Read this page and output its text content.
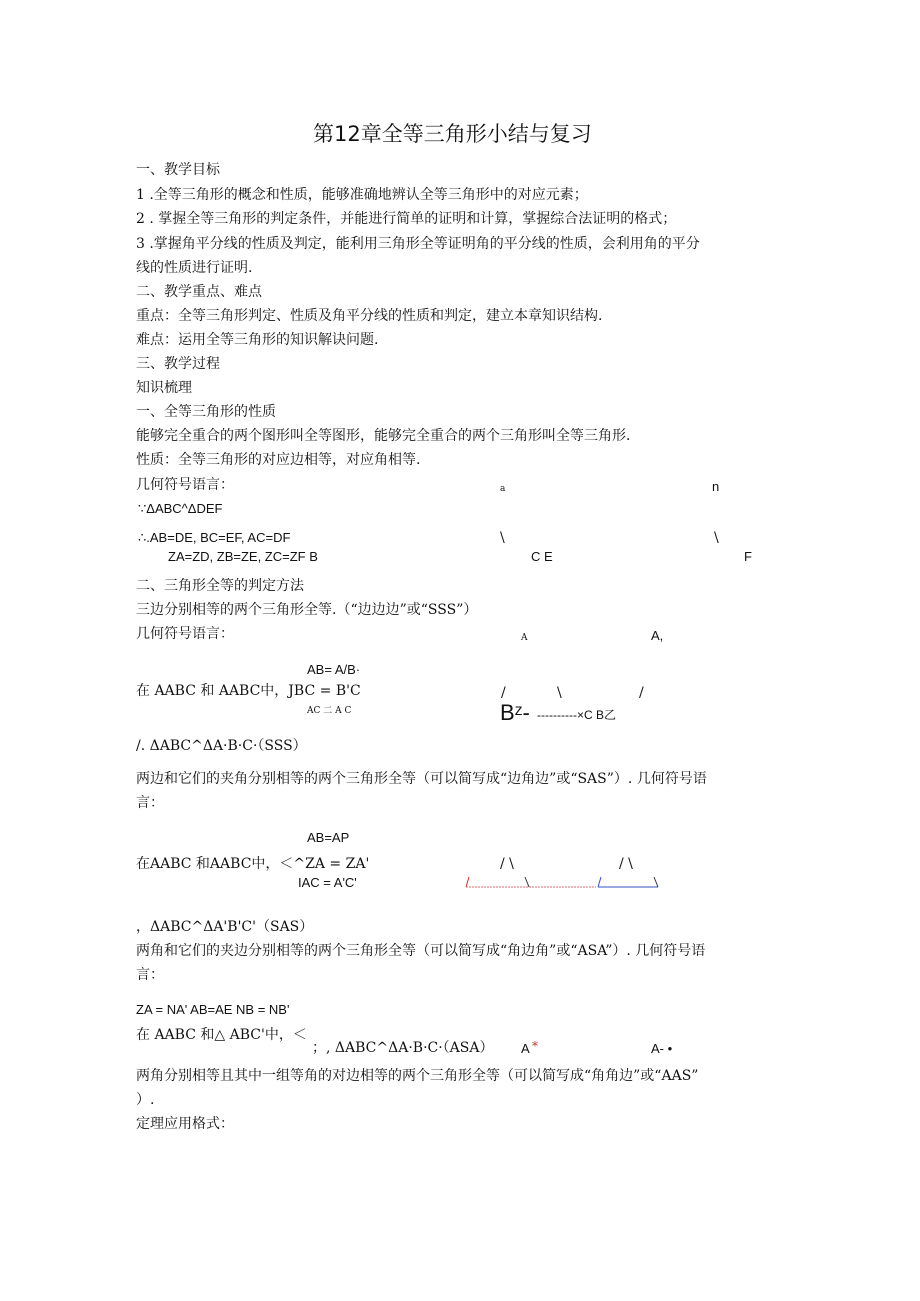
第12章全等三角形小结与复习
一、教学目标
1 .全等三角形的概念和性质，能够准确地辨认全等三角形中的对应元素；
2 . 掌握全等三角形的判定条件，并能进行简单的证明和计算，掌握综合法证明的格式；
3 .掌握角平分线的性质及判定，能利用三角形全等证明角的平分线的性质，会利用角的平分
线的性质进行证明.
二、教学重点、难点
重点：全等三角形判定、性质及角平分线的性质和判定，建立本章知识结构.
难点：运用全等三角形的知识解诀问题.
三、教学过程
知识梳理
一、全等三角形的性质
能够完全重合的两个图形叫全等图形，能够完全重合的两个三角形叫全等三角形.
性质：全等三角形的对应边相等，对应角相等.
几何符号语言：
∵ΔABC^ΔDEF
∴.AB=DE, BC=EF, AC=DF
ZA=ZD, ZB=ZE, ZC=ZF B
a	n
\	\
C E	F
二、三角形全等的判定方法
三边分别相等的两个三角形全等.（“边边边”或“SSS”）
几何符号语言：	A	A,
AB= A/B·
在 AABC 和 AABC中，JBC = B'C
AC 二 A C
/	\	/
Bᶻ- ----------×C B乙
/. ΔABC^ΔA·B·C·（SSS）
两边和它们的夹角分别相等的两个三角形全等（可以简写成“边角边”或“SAS”）. 几何符号语
言：
AB=AP
在AABC 和AABC中，＜^ZA = ZA'
IAC = A'C'
/ \	/ \
，ΔABC^ΔA'B'C'（SAS）
两角和它们的夹边分别相等的两个三角形全等（可以简写成“角边角”或“ASA”）. 几何符号语
言：
ZA = NA' AB=AE NB = NB'
在 AABC 和△ ABC'中，＜
；, ΔABC^ΔA·B·C·（ASA） A *	A- •
两角分别相等且其中一组等角的对边相等的两个三角形全等（可以简写成“角角边”或“AAS”
）.
定理应用格式：
